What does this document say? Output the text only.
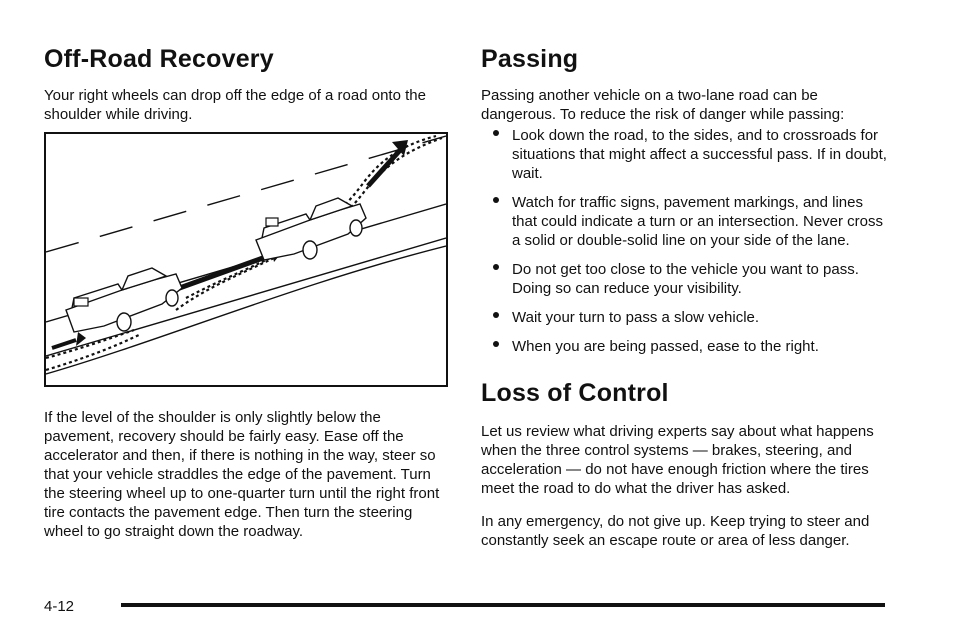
Off-Road Recovery

Your right wheels can drop off the edge of a road onto the shoulder while driving.

If the level of the shoulder is only slightly below the pavement, recovery should be fairly easy. Ease off the accelerator and then, if there is nothing in the way, steer so that your vehicle straddles the edge of the pavement. Turn the steering wheel up to one-quarter turn until the right front tire contacts the pavement edge. Then turn the steering wheel to go straight down the roadway.

Passing

Passing another vehicle on a two-lane road can be dangerous. To reduce the risk of danger while passing:

Look down the road, to the sides, and to crossroads for situations that might affect a successful pass. If in doubt, wait.
Watch for traffic signs, pavement markings, and lines that could indicate a turn or an intersection. Never cross a solid or double-solid line on your side of the lane.
Do not get too close to the vehicle you want to pass. Doing so can reduce your visibility.
Wait your turn to pass a slow vehicle.
When you are being passed, ease to the right.
Loss of Control

Let us review what driving experts say about what happens when the three control systems — brakes, steering, and acceleration — do not have enough friction where the tires meet the road to do what the driver has asked.

In any emergency, do not give up. Keep trying to steer and constantly seek an escape route or area of less danger.

4-12
